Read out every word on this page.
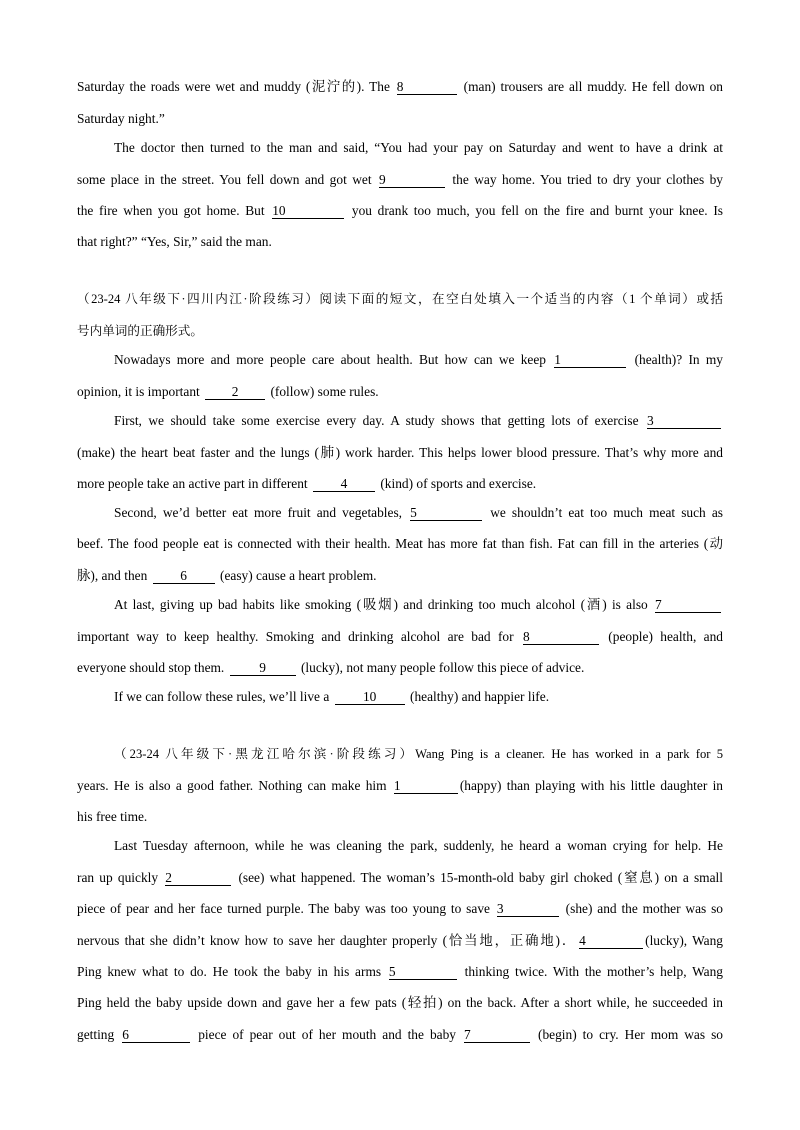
Saturday the roads were wet and muddy (泥泞的). The 8	(man) trousers are all muddy. He fell down on
Saturday night.”
The doctor then turned to the man and said, “You had your pay on Saturday and went to have a drink at
some place in the street. You fell down and got wet 9	the way home. You tried to dry your clothes by
the fire when you got home. But 10	you drank too much, you fell on the fire and burnt your knee. Is
that right?” “Yes, Sir,” said the man.
（23-24 八年级下·四川内江·阶段练习）阅读下面的短文，在空白处填入一个适当的内容（1 个单词）或括
号内单词的正确形式。
Nowadays more and more people care about health. But how can we keep 1	(health)? In my
opinion, it is important 2 (follow) some rules.
First, we should take some exercise every day. A study shows that getting lots of exercise 3
(make) the heart beat faster and the lungs (肺) work harder. This helps lower blood pressure. That’s why more and
more people take an active part in different 4 (kind) of sports and exercise.
Second, we’d better eat more fruit and vegetables, 5	we shouldn’t eat too much meat such as
beef. The food people eat is connected with their health. Meat has more fat than fish. Fat can fill in the arteries (动
脉), and then 6 (easy) cause a heart problem.
At last, giving up bad habits like smoking (吸烟) and drinking too much alcohol (酒) is also 7
important way to keep healthy. Smoking and drinking alcohol are bad for 8	(people) health, and
everyone should stop them. 9 (lucky), not many people follow this piece of advice.
If we can follow these rules, we’ll live a 10 (healthy) and happier life.
（23-24 八年级下·黑龙江哈尔滨·阶段练习）Wang Ping is a cleaner. He has worked in a park for 5
years. He is also a good father. Nothing can make him 1	(happy) than playing with his little daughter in
his free time.
Last Tuesday afternoon, while he was cleaning the park, suddenly, he heard a woman crying for help. He
ran up quickly 2	(see) what happened. The woman’s 15-month-old baby girl choked (窒息) on a small
piece of pear and her face turned purple. The baby was too young to save 3	(she) and the mother was so
nervous that she didn’t know how to save her daughter properly (恰当地，正确地)． 4	(lucky), Wang
Ping knew what to do. He took the baby in his arms 5	thinking twice. With the mother’s help, Wang
Ping held the baby upside down and gave her a few pats (轻拍) on the back. After a short while, he succeeded in
getting 6	piece of pear out of her mouth and the baby 7	(begin) to cry. Her mom was so
